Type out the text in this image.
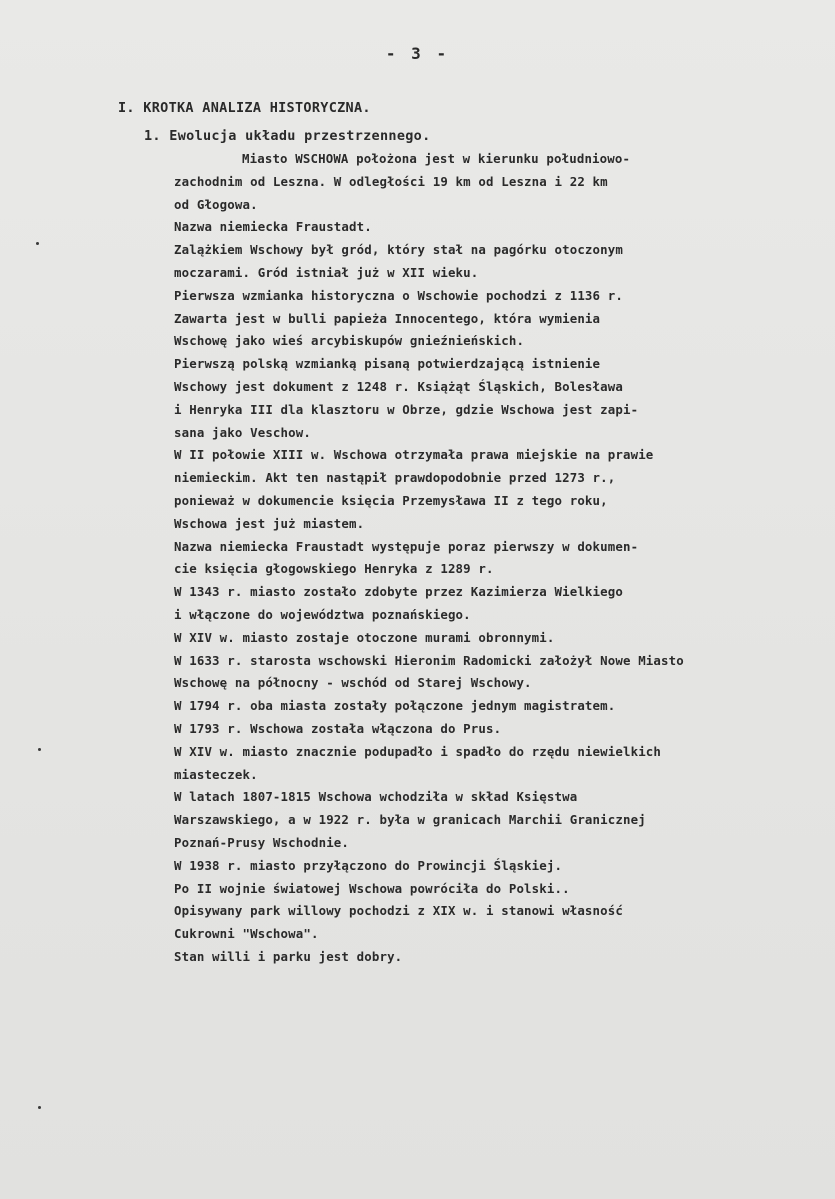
- 3 -
I. KROTKA ANALIZA HISTORYCZNA.
1. Ewolucja układu przestrzennego.
Miasto WSCHOWA położona jest w kierunku południowo-
zachodnim od Leszna. W odległości 19 km od Leszna i 22 km
od Głogowa.
Nazwa niemiecka Fraustadt.
Zalążkiem Wschowy był gród, który stał na pagórku otoczonym
moczarami. Gród istniał już w XII wieku.
Pierwsza wzmianka historyczna o Wschowie pochodzi z 1136 r.
Zawarta jest w bulli papieża Innocentego, która wymienia
Wschowę jako wieś arcybiskupów gnieźnieńskich.
Pierwszą polską wzmianką pisaną potwierdzającą istnienie
Wschowy jest dokument z 1248 r. Książąt Śląskich, Bolesława
i Henryka III dla klasztoru w Obrze, gdzie Wschowa jest zapi-
sana jako Veschow.
W II połowie XIII w. Wschowa otrzymała prawa miejskie na prawie
niemieckim. Akt ten nastąpił prawdopodobnie przed 1273 r.,
ponieważ w dokumencie księcia Przemysława II z tego roku,
Wschowa jest już miastem.
Nazwa niemiecka Fraustadt występuje poraz pierwszy w dokumen-
cie księcia głogowskiego Henryka z 1289 r.
W 1343 r. miasto zostało zdobyte przez Kazimierza Wielkiego
i włączone do województwa poznańskiego.
W XIV w. miasto zostaje otoczone murami obronnymi.
W 1633 r. starosta wschowski Hieronim Radomicki założył Nowe Miasto
Wschowę na północny - wschód od Starej Wschowy.
W 1794 r. oba miasta zostały połączone jednym magistratem.
W 1793 r. Wschowa została włączona do Prus.
W XIV w. miasto znacznie podupadło i spadło do rzędu niewielkich
miasteczek.
W latach 1807-1815 Wschowa wchodziła w skład Księstwa
Warszawskiego, a w 1922 r. była w granicach Marchii Granicznej
Poznań-Prusy Wschodnie.
W 1938 r. miasto przyłączono do Prowincji Śląskiej.
Po II wojnie światowej Wschowa powróciła do Polski..
Opisywany park willowy pochodzi z XIX w. i stanowi własność
Cukrowni "Wschowa".
Stan willi i parku jest dobry.
